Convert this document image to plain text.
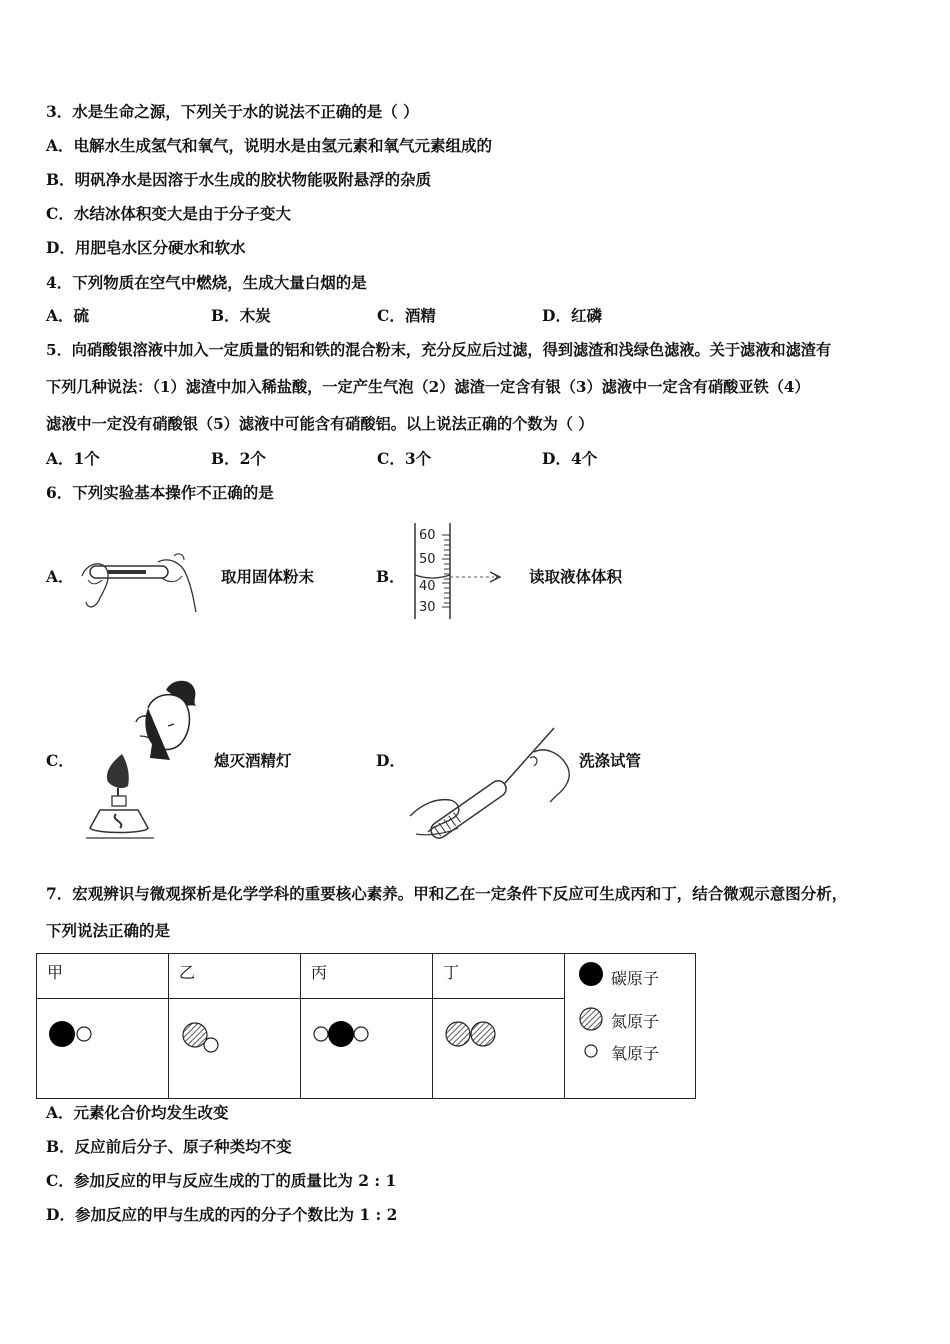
3．水是生命之源，下列关于水的说法不正确的是（ ）
A．电解水生成氢气和氧气，说明水是由氢元素和氧气元素组成的
B．明矾净水是因溶于水生成的胶状物能吸附悬浮的杂质
C．水结冰体积变大是由于分子变大
D．用肥皂水区分硬水和软水
4．下列物质在空气中燃烧，生成大量白烟的是
A．硫	B．木炭	C．酒精	D．红磷
5．向硝酸银溶液中加入一定质量的铝和铁的混合粉末，充分反应后过滤，得到滤渣和浅绿色滤液。关于滤液和滤渣有
下列几种说法：（1）滤渣中加入稀盐酸，一定产生气泡（2）滤渣一定含有银（3）滤液中一定含有硝酸亚铁（4）
滤液中一定没有硝酸银（5）滤液中可能含有硝酸铝。以上说法正确的个数为（ ）
A．1个	B．2个	C．3个	D．4个
6．下列实验基本操作不正确的是
A．	取用固体粉末	B．
60
50
40
30
读取液体体积
C．	熄灭酒精灯	D．	洗涤试管
7．宏观辨识与微观探析是化学学科的重要核心素养。甲和乙在一定条件下反应可生成丙和丁，结合微观示意图分析，
下列说法正确的是
甲	乙	丙	丁	碳原子
氮原子
氧原子

A．元素化合价均发生改变
B．反应前后分子、原子种类均不变
C．参加反应的甲与反应生成的丁的质量比为 2 : 1
D．参加反应的甲与生成的丙的分子个数比为 1 : 2
